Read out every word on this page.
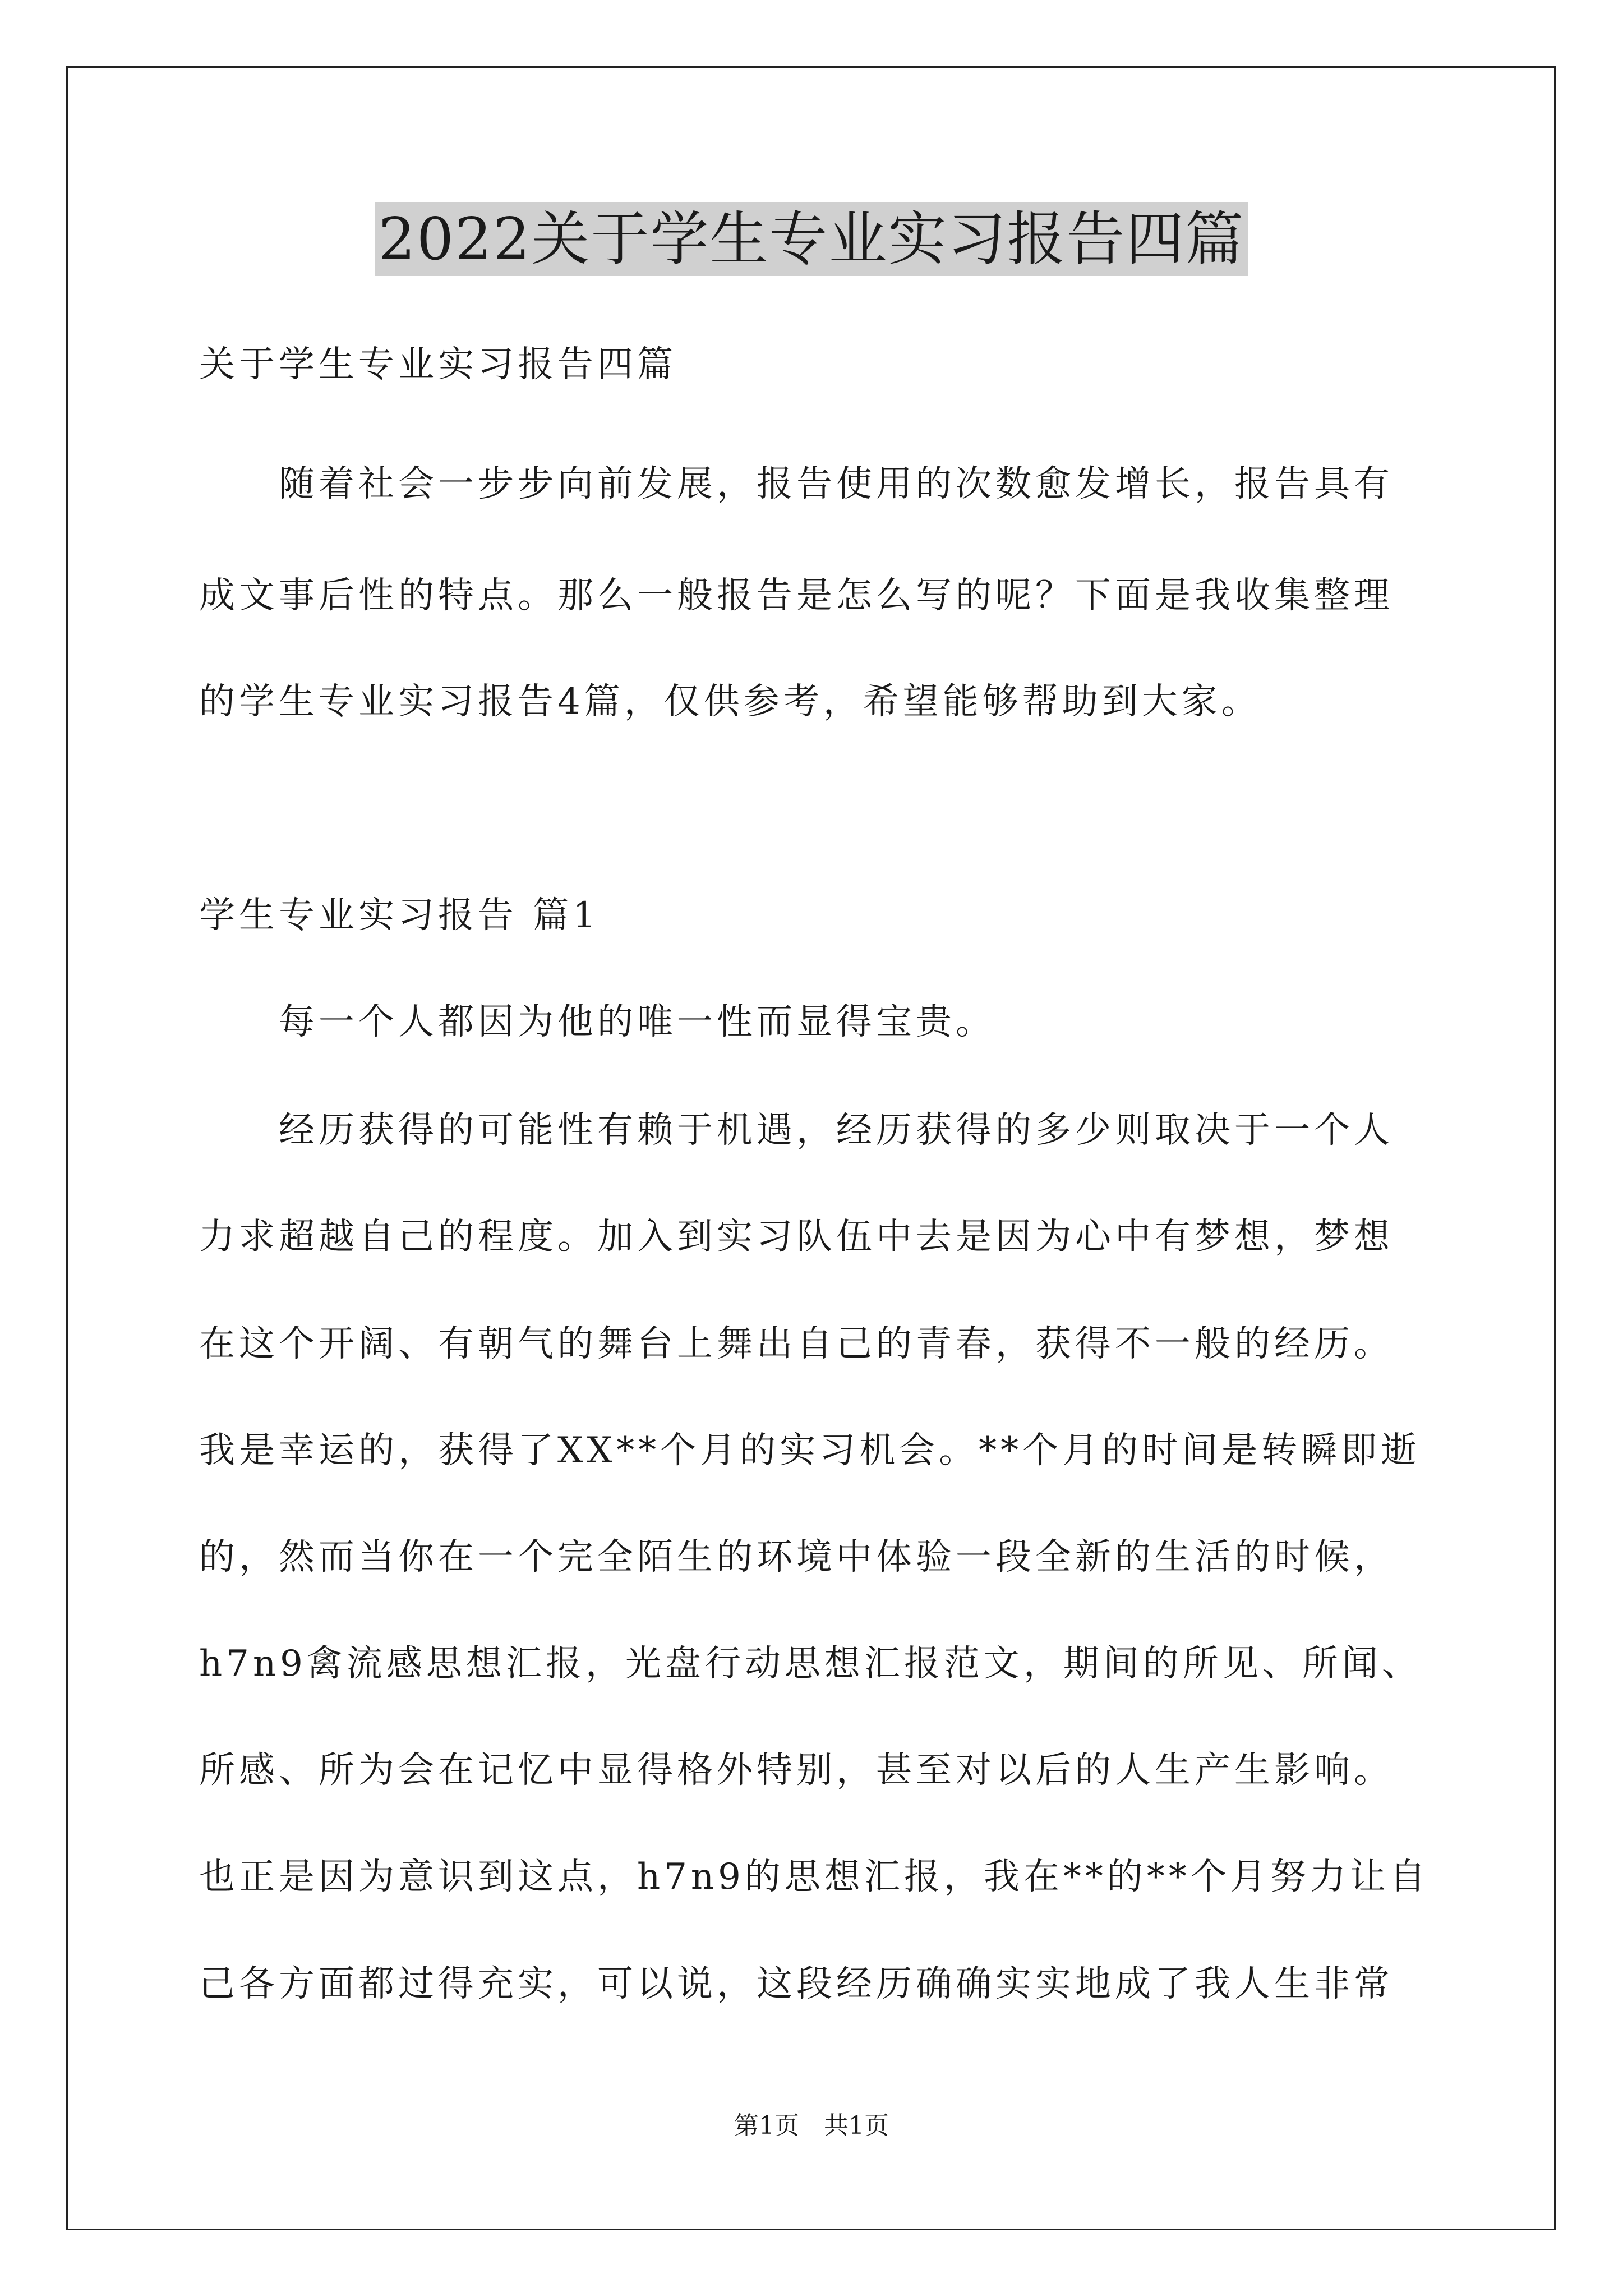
2022关于学生专业实习报告四篇
关于学生专业实习报告四篇
　　随着社会一步步向前发展，报告使用的次数愈发增长，报告具有
成文事后性的特点。那么一般报告是怎么写的呢？下面是我收集整理
的学生专业实习报告4篇，仅供参考，希望能够帮助到大家。
学生专业实习报告 篇1
　　每一个人都因为他的唯一性而显得宝贵。
　　经历获得的可能性有赖于机遇，经历获得的多少则取决于一个人
力求超越自己的程度。加入到实习队伍中去是因为心中有梦想，梦想
在这个开阔、有朝气的舞台上舞出自己的青春，获得不一般的经历。
我是幸运的，获得了XX**个月的实习机会。**个月的时间是转瞬即逝
的，然而当你在一个完全陌生的环境中体验一段全新的生活的时候，
h7n9禽流感思想汇报，光盘行动思想汇报范文，期间的所见、所闻、
所感、所为会在记忆中显得格外特别，甚至对以后的人生产生影响。
也正是因为意识到这点，h7n9的思想汇报，我在**的**个月努力让自
己各方面都过得充实，可以说，这段经历确确实实地成了我人生非常
第1页　共1页
